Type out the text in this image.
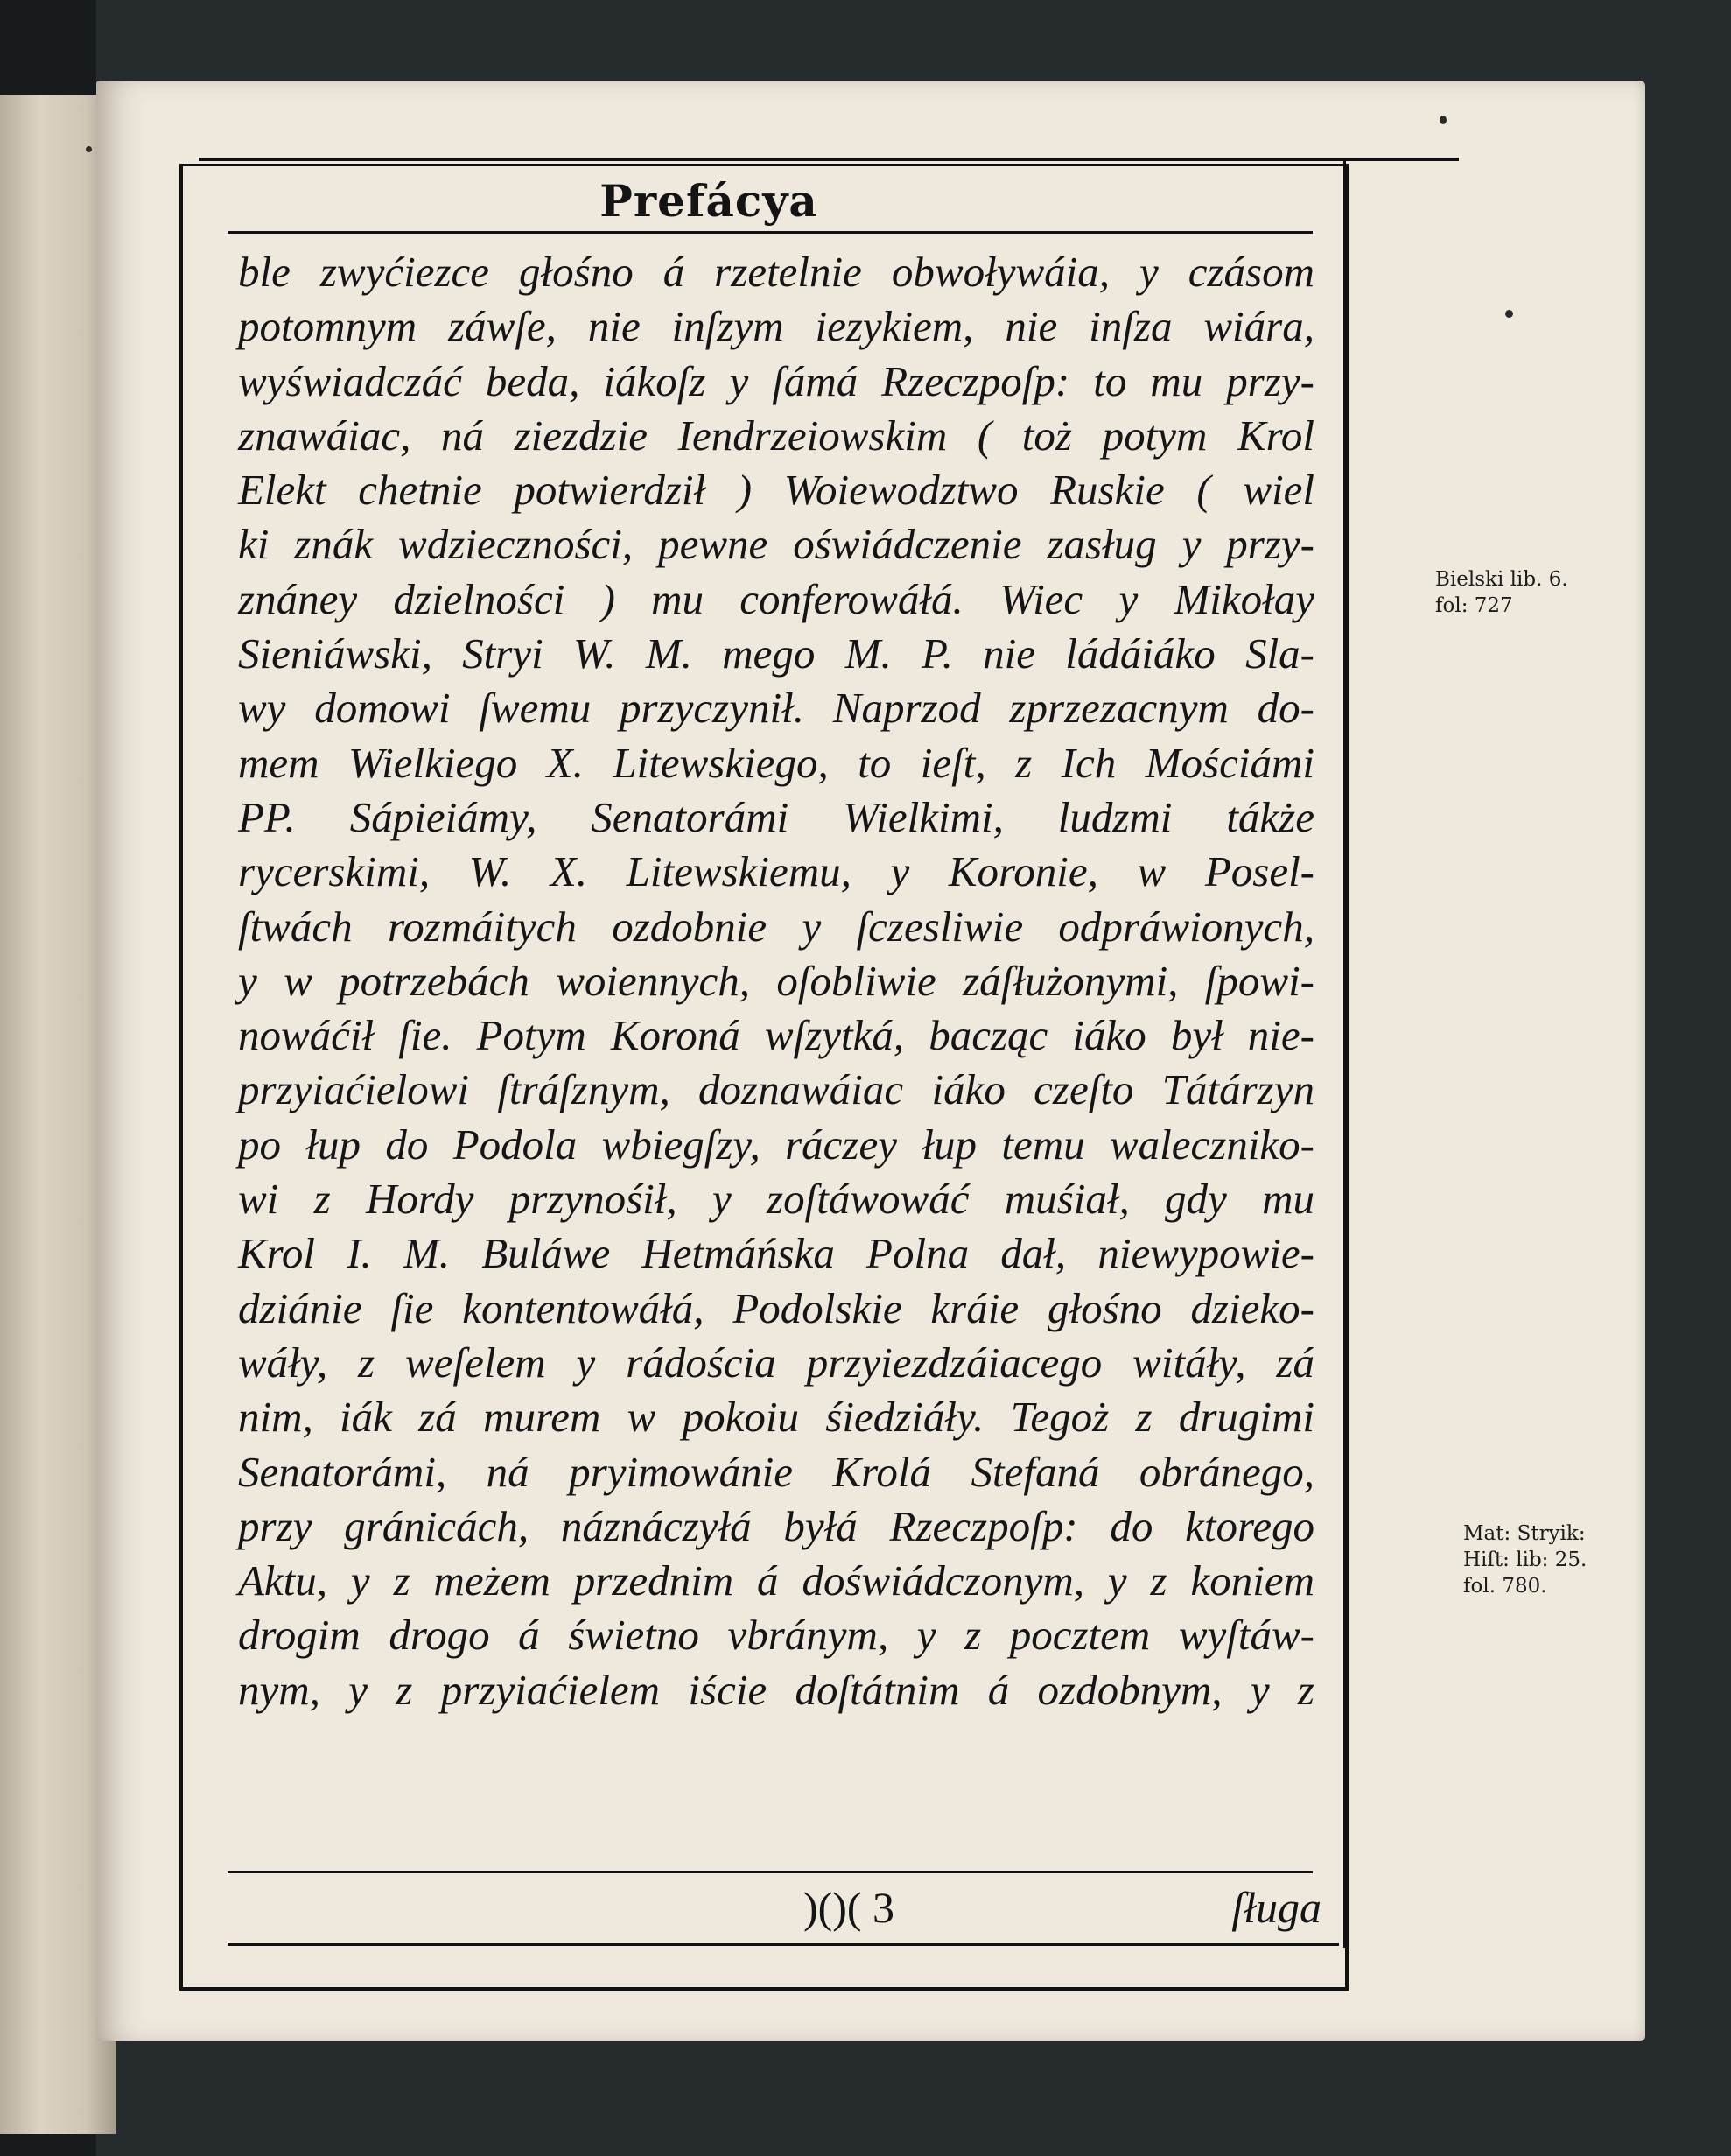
Prefácya
ble zwyćiezce głośno á rzetelnie obwoływáia, y czásom
potomnym záwſe, nie inſzym iezykiem, nie inſza wiára,
wyświadczáć beda, iákoſz y ſámá Rzeczpoſp: to mu przy-
znawáiac, ná ziezdzie Iendrzeiowskim ( toż potym Krol
Elekt chetnie potwierdził ) Woiewodztwo Ruskie ( wiel
ki znák wdzieczności, pewne oświádczenie zasług y przy-
znáney dzielności ) mu conferowáłá. Wiec y Mikołay
Sieniáwski, Stryi W. M. mego M. P. nie ládáiáko Sla-
wy domowi ſwemu przyczynił. Naprzod zprzezacnym do-
mem Wielkiego X. Litewskiego, to ieſt, z Ich Mościámi
PP. Sápieiámy, Senatorámi Wielkimi, ludzmi tákże
rycerskimi, W. X. Litewskiemu, y Koronie, w Posel-
ſtwách rozmáitych ozdobnie y ſczesliwie odpráwionych,
y w potrzebách woiennych, oſobliwie záſłużonymi, ſpowi-
nowáćił ſie. Potym Koroná wſzytká, bacząc iáko był nie-
przyiaćielowi ſtráſznym, doznawáiac iáko czeſto Tátárzyn
po łup do Podola wbiegſzy, ráczey łup temu walecznikо-
wi z Hordy przynośił, y zoſtáwowáć muśiał, gdy mu
Krol I. M. Buláwe Hetmáńska Polna dał, niewypowie-
dziánie ſie kontentowáłá, Podolskie kráie głośno dzieko-
wáły, z weſelem y rádościa przyiezdzáiacego witáły, zá
nim, iák zá murem w pokoiu śiedziáły. Tegoż z drugimi
Senatorámi, ná pryimowánie Krolá Stefaná obránego,
przy gránicách, náznáczyłá byłá Rzeczpoſp: do ktorego
Aktu, y z meżem przednim á doświádczonym, y z koniem
drogim drogo á świetno vbránym, y z pocztem wyſtáw-
nym, y z przyiaćielem iście doſtátnim á ozdobnym, y z
)()( 3	ſługa
Bielski lib. 6.
fol: 727
Mat: Stryik:
Hiſt: lib: 25.
fol. 780.
